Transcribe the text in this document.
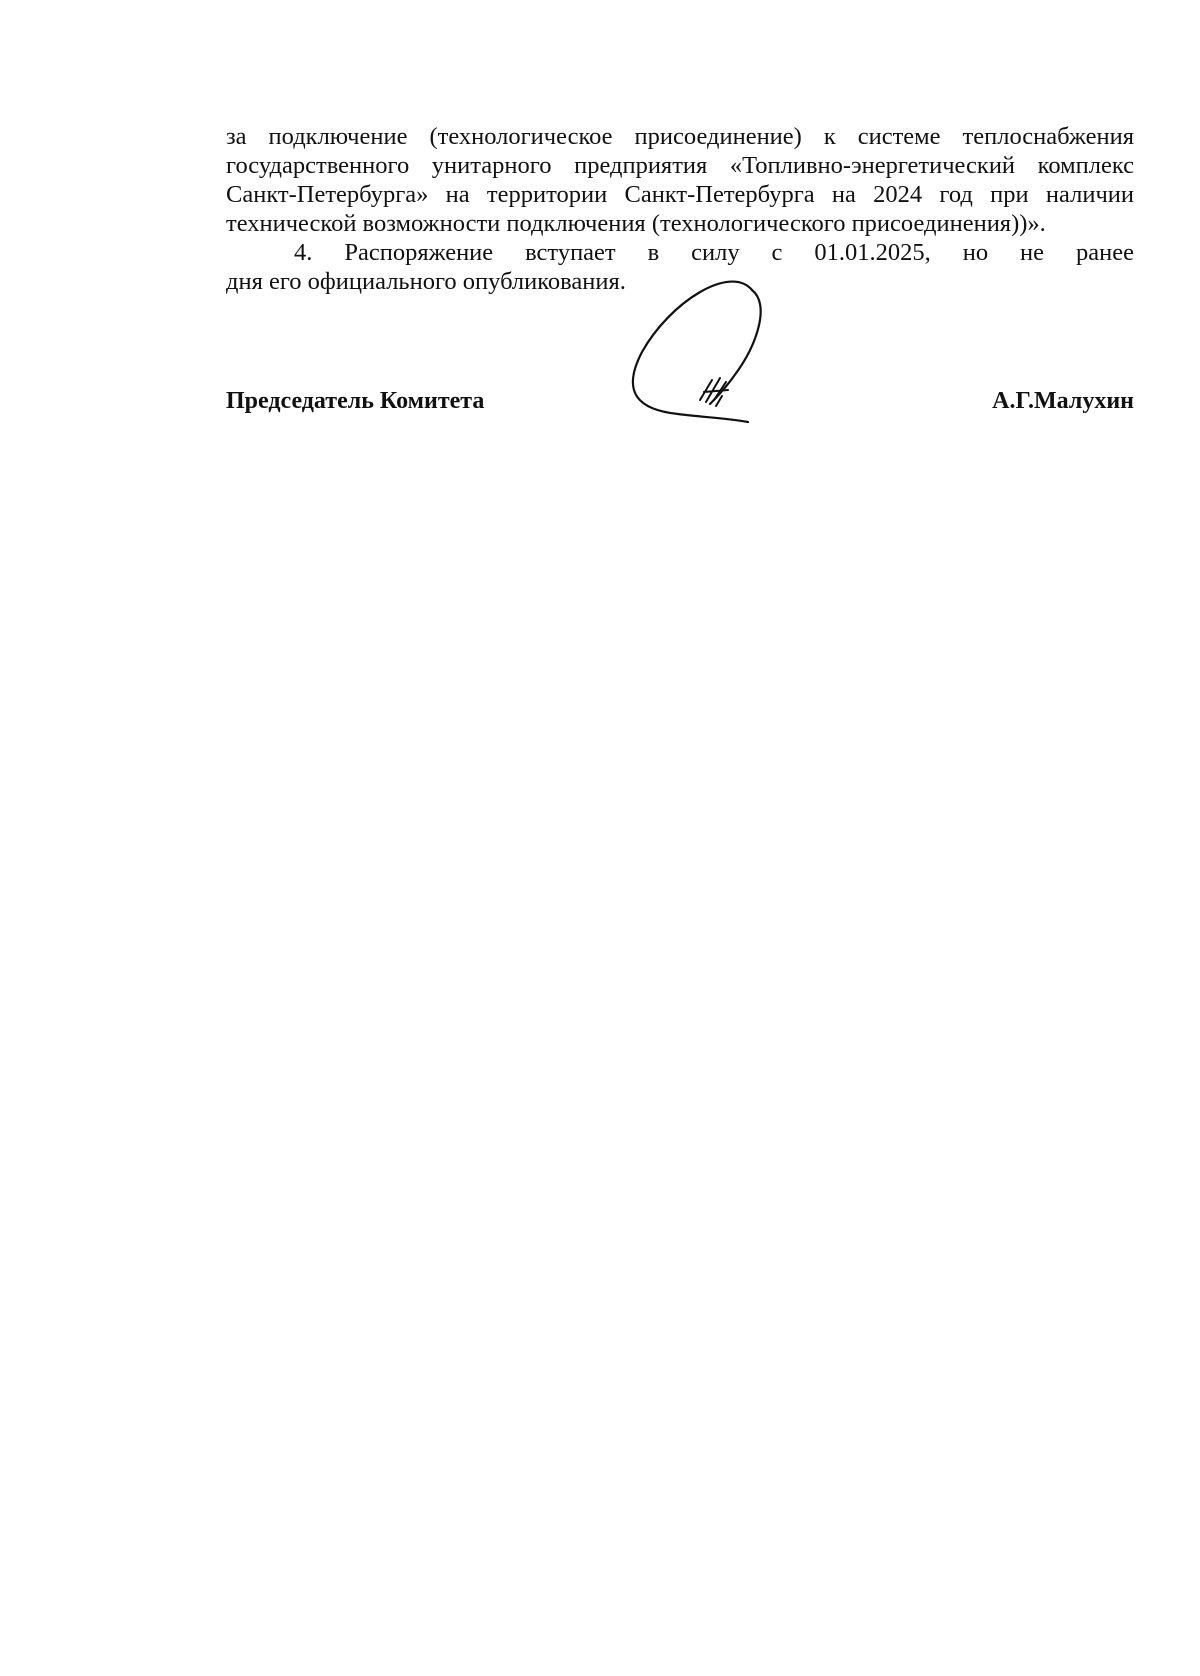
за подключение (технологическое присоединение) к системе теплоснабжения
государственного унитарного предприятия «Топливно-энергетический комплекс
Санкт-Петербурга» на территории Санкт-Петербурга на 2024 год при наличии
технической возможности подключения (технологического присоединения))».

4. Распоряжение вступает в силу с 01.01.2025, но не ранее
дня его официального опубликования.

Председатель Комитета	А.Г.Малухин
